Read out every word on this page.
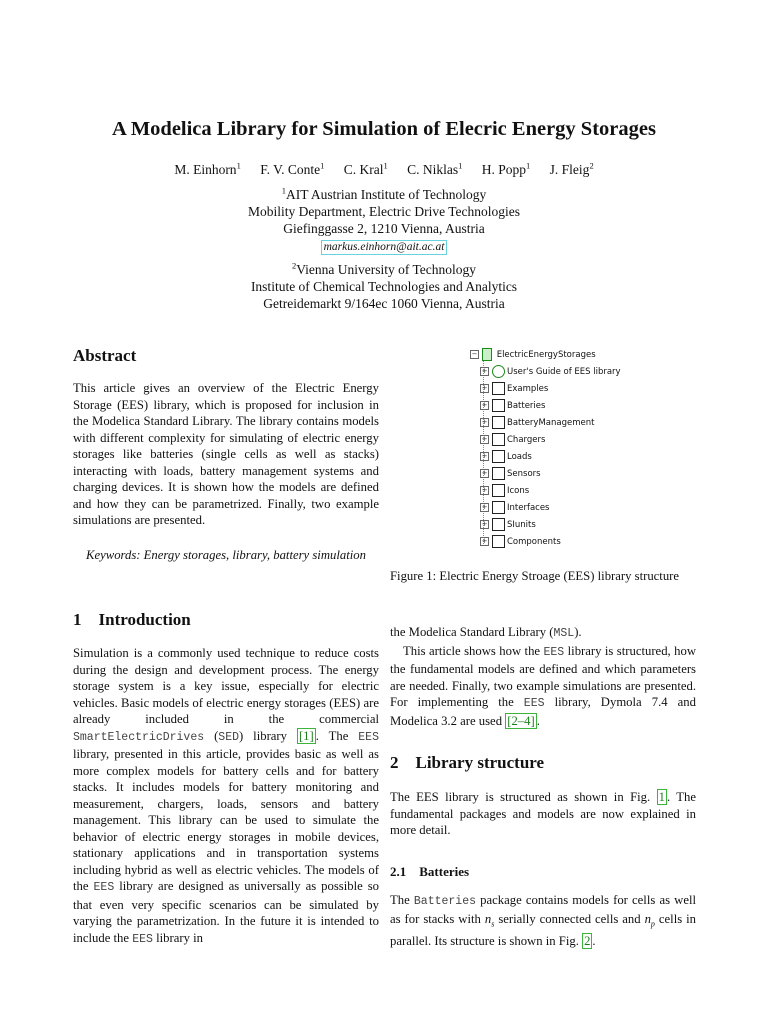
A Modelica Library for Simulation of Elecric Energy Storages
M. Einhorn$^1$ F. V. Conte$^1$ C. Kral$^1$ C. Niklas$^1$ H. Popp$^1$ J. Fleig$^2$
$^1$AIT Austrian Institute of Technology
Mobility Department, Electric Drive Technologies
Giefinggasse 2, 1210 Vienna, Austria
markus.einhorn@ait.ac.at
$^2$Vienna University of Technology
Institute of Chemical Technologies and Analytics
Getreidemarkt 9/164ec 1060 Vienna, Austria
Abstract

This article gives an overview of the Electric Energy Storage (EES) library, which is proposed for inclusion in the Modelica Standard Library. The library contains models with different complexity for simulating of electric energy storages like batteries (single cells as well as stacks) interacting with loads, battery management systems and charging devices. It is shown how the models are defined and how they can be parametrized. Finally, two example simulations are presented.

Keywords: Energy storages, library, battery simulation
1 Introduction

Simulation is a commonly used technique to reduce costs during the design and development process. The energy storage system is a key issue, especially for electric vehicles. Basic models of electric energy storages (EES) are already included in the commercial SmartElectricDrives (SED) library [1] . The EES library, presented in this article, provides basic as well as more complex models for battery cells and for battery stacks. It includes models for battery monitoring and measurement, chargers, loads, sensors and battery management. This library can be used to simulate the behavior of electric energy storages in mobile devices, stationary applications and in transportation systems including hybrid as well as electric vehicles. The models of the EES library are designed as universally as possible so that even very specific scenarios can be simulated by varying the parametrization. In the future it is intended to include the EES library in

− ElectricEnergyStorages
+ User's Guide of EES library
+ Examples
+ Batteries
+ BatteryManagement
+ Chargers
+ Loads
+ Sensors
+ Icons
+ Interfaces
+ SIunits
+ Components
Figure 1: Electric Energy Stroage (EES) library structure

the Modelica Standard Library (MSL).

This article shows how the EES library is structured, how the fundamental models are defined and which parameters are needed. Finally, two example simulations are presented. For implementing the EES library, Dymola 7.4 and Modelica 3.2 are used [2–4] .

2 Library structure

The EES library is structured as shown in Fig. 1 . The fundamental packages and models are now explained in more detail.

2.1 Batteries

The Batteries package contains models for cells as well as for stacks with $n_s$ serially connected cells and $n_p$ cells in parallel. Its structure is shown in Fig. 2 .
